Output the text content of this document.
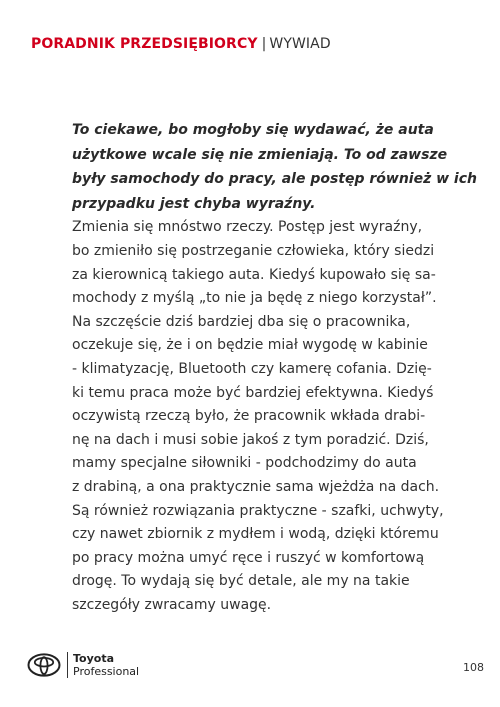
PORADNIK PRZEDSIĘBIORCY | WYWIAD

To ciekawe, bo mogłoby się wydawać, że auta
użytkowe wcale się nie zmieniają. To od zawsze
były samochody do pracy, ale postęp również w ich
przypadku jest chyba wyraźny.

Zmienia się mnóstwo rzeczy. Postęp jest wyraźny,
bo zmieniło się postrzeganie człowieka, który siedzi
za kierownicą takiego auta. Kiedyś kupowało się sa-
mochody z myślą „to nie ja będę z niego korzystał”.
Na szczęście dziś bardziej dba się o pracownika,
oczekuje się, że i on będzie miał wygodę w kabinie
- klimatyzację, Bluetooth czy kamerę cofania. Dzię-
ki temu praca może być bardziej efektywna. Kiedyś
oczywistą rzeczą było, że pracownik wkłada drabi-
nę na dach i musi sobie jakoś z tym poradzić. Dziś,
mamy specjalne siłowniki - podchodzimy do auta
z drabiną, a ona praktycznie sama wjeżdża na dach.
Są również rozwiązania praktyczne - szafki, uchwyty,
czy nawet zbiornik z mydłem i wodą, dzięki któremu
po pracy można umyć ręce i ruszyć w komfortową
drogę. To wydają się być detale, ale my na takie
szczegóły zwracamy uwagę.

Toyota
Professional	108
